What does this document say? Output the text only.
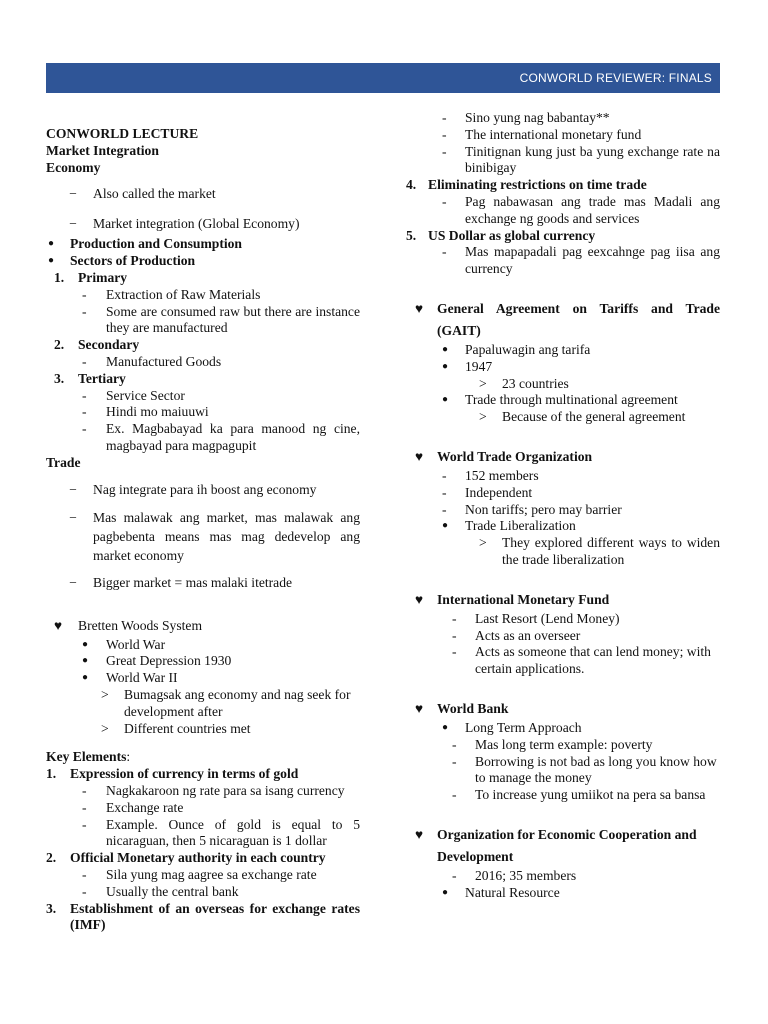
CONWORLD REVIEWER: FINALS
CONWORLD LECTURE
Market Integration
Economy
− Also called the market
− Market integration (Global Economy)
● Production and Consumption
● Sectors of Production
1. Primary
- Extraction of Raw Materials
- Some are consumed raw but there are instance they are manufactured
2. Secondary
- Manufactured Goods
3. Tertiary
- Service Sector
- Hindi mo maiuuwi
- Ex. Magbabayad ka para manood ng cine, magbayad para magpagupit
Trade
− Nag integrate para ih boost ang economy
− Mas malawak ang market, mas malawak ang pagbebenta means mas mag dedevelop ang market economy
− Bigger market = mas malaki itetrade
♥ Bretten Woods System
● World War
● Great Depression 1930
● World War II
> Bumagsak ang economy and nag seek for development after
> Different countries met
Key Elements:
1. Expression of currency in terms of gold
- Nagkakaroon ng rate para sa isang currency
- Exchange rate
- Example. Ounce of gold is equal to 5 nicaraguan, then 5 nicaraguan is 1 dollar
2. Official Monetary authority in each country
- Sila yung mag aagree sa exchange rate
- Usually the central bank
3. Establishment of an overseas for exchange rates (IMF)
- Sino yung nag babantay**
- The international monetary fund
- Tinitignan kung just ba yung exchange rate na binibigay
4. Eliminating restrictions on time trade
- Pag nabawasan ang trade mas Madali ang exchange ng goods and services
5. US Dollar as global currency
- Mas mapapadali pag eexcahnge pag iisa ang currency
♥ General Agreement on Tariffs and Trade (GAIT)
● Papaluwagin ang tarifa
● 1947
> 23 countries
● Trade through multinational agreement
> Because of the general agreement
♥ World Trade Organization
- 152 members
- Independent
- Non tariffs; pero may barrier
● Trade Liberalization
> They explored different ways to widen the trade liberalization
♥ International Monetary Fund
- Last Resort (Lend Money)
- Acts as an overseer
- Acts as someone that can lend money; with certain applications.
♥ World Bank
● Long Term Approach
- Mas long term example: poverty
- Borrowing is not bad as long you know how to manage the money
- To increase yung umiikot na pera sa bansa
♥ Organization for Economic Cooperation and Development
- 2016; 35 members
● Natural Resource
